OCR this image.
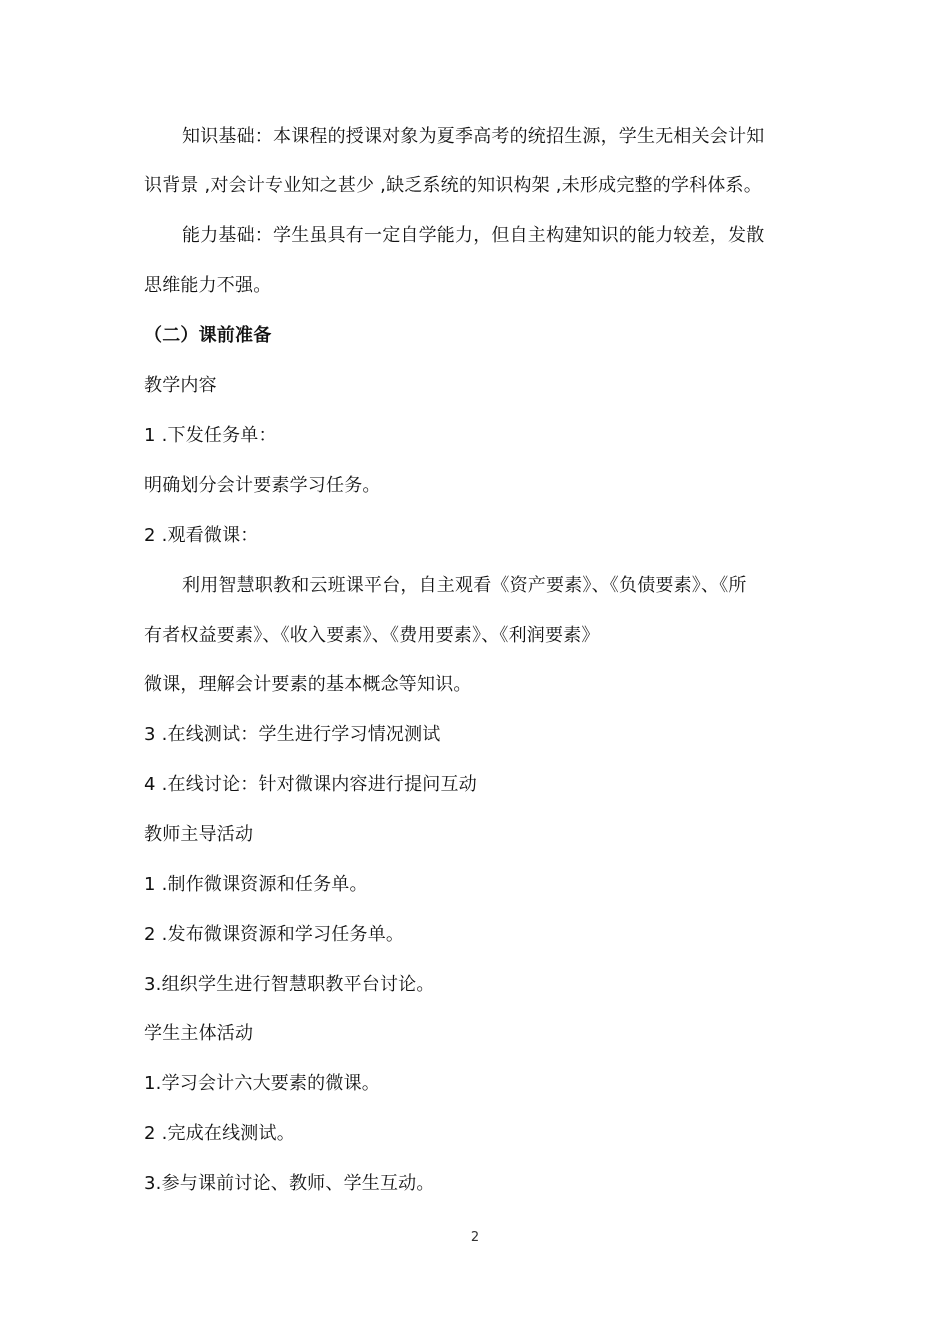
知识基础：本课程的授课对象为夏季高考的统招生源，学生无相关会计知
识背景 ,对会计专业知之甚少 ,缺乏系统的知识构架 ,未形成完整的学科体系。
能力基础：学生虽具有一定自学能力，但自主构建知识的能力较差，发散
思维能力不强。
（二）课前准备
教学内容
1 .下发任务单：
明确划分会计要素学习任务。
2 .观看微课：
利用智慧职教和云班课平台，自主观看《资产要素》、《负债要素》、《所
有者权益要素》、《收入要素》、《费用要素》、《利润要素》
微课，理解会计要素的基本概念等知识。
3 .在线测试：学生进行学习情况测试
4 .在线讨论：针对微课内容进行提问互动
教师主导活动
1 .制作微课资源和任务单。
2 .发布微课资源和学习任务单。
3.组织学生进行智慧职教平台讨论。
学生主体活动
1.学习会计六大要素的微课。
2 .完成在线测试。
3.参与课前讨论、教师、学生互动。
2
